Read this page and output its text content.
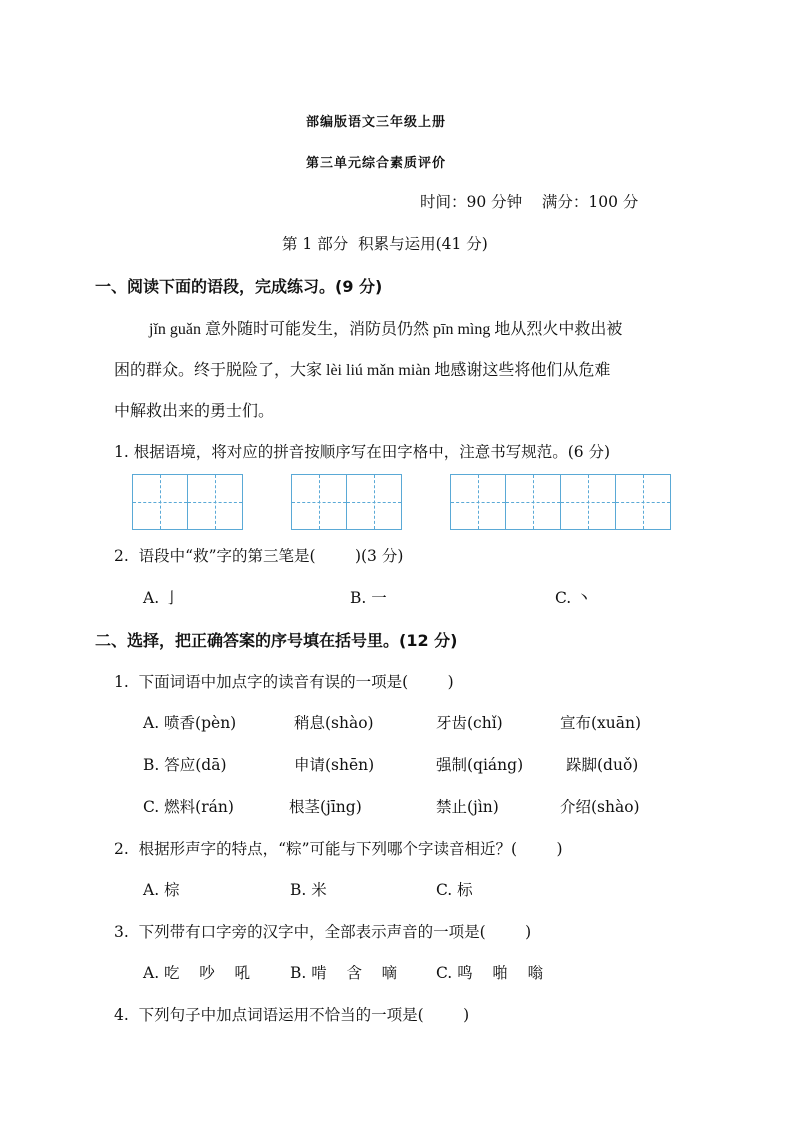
部编版语文三年级上册
第三单元综合素质评价
时间：90 分钟    满分：100 分
第 1 部分  积累与运用(41 分)
一、阅读下面的语段，完成练习。(9 分)
jǐn guǎn 意外随时可能发生，消防员仍然 pīn mìng 地从烈火中救出被
困的群众。终于脱险了，大家 lèi liú mǎn miàn 地感谢这些将他们从危难
中解救出来的勇士们。
1. 根据语境，将对应的拼音按顺序写在田字格中，注意书写规范。(6 分)
2.  语段中“救”字的第三笔是(        )(3 分)
A. 亅	B. 一	C. 丶
二、选择，把正确答案的序号填在括号里。(12 分)
1.  下面词语中加点字的读音有误的一项是(        )
A. 喷香(pèn)	稍息(shào)	牙齿(chǐ)	宣布(xuān)
B. 答应(dā)	申请(shēn)	强制(qiáng)	跺脚(duǒ)
C. 燃料(rán)	根茎(jīng)	禁止(jìn)	介绍(shào)
2.  根据形声字的特点，“粽”可能与下列哪个字读音相近？(        )
A. 棕	B. 米	C. 标
3.  下列带有口字旁的汉字中，全部表示声音的一项是(        )
A. 吃    吵    吼	B. 啃    含    嘀	C. 鸣    啪    嗡
4.  下列句子中加点词语运用不恰当的一项是(        )
